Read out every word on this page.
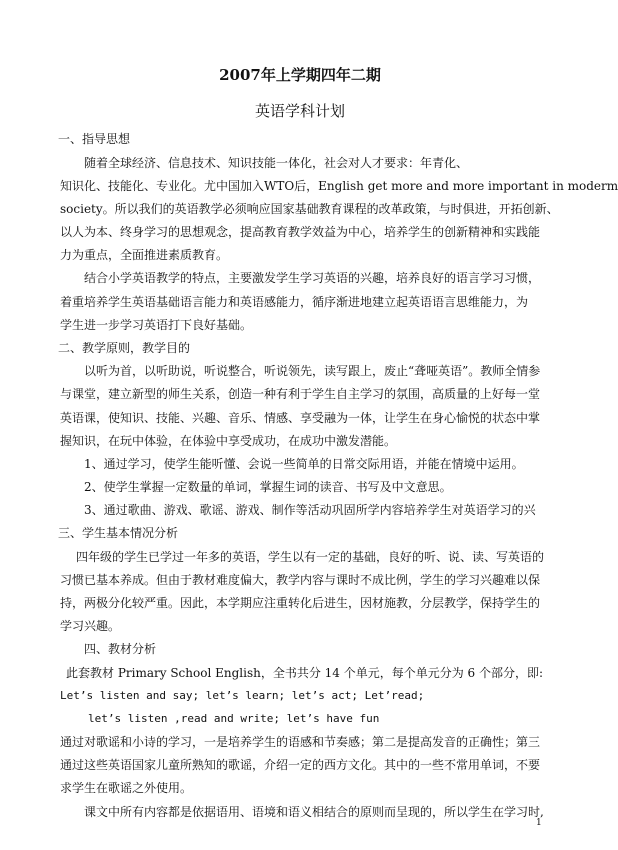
2007年上学期四年二期
英语学科计划
一、指导思想
随着全球经济、信息技术、知识技能一体化，社会对人才要求：年青化、
知识化、技能化、专业化。尤中国加入WTO后，English get more and more important in moderm
society。所以我们的英语教学必须响应国家基础教育课程的改革政策，与时俱进，开拓创新、
以人为本、终身学习的思想观念，提高教育教学效益为中心，培养学生的创新精神和实践能
力为重点，全面推进素质教育。
结合小学英语教学的特点，主要激发学生学习英语的兴趣，培养良好的语言学习习惯，
着重培养学生英语基础语言能力和英语感能力，循序渐进地建立起英语语言思维能力，为
学生进一步学习英语打下良好基础。
二、教学原则，教学目的
以听为首，以听助说，听说整合，听说领先，读写跟上，废止“聋哑英语”。教师全情参
与课堂，建立新型的师生关系，创造一种有利于学生自主学习的氛围，高质量的上好每一堂
英语课，使知识、技能、兴趣、音乐、情感、享受融为一体，让学生在身心愉悦的状态中掌
握知识，在玩中体验，在体验中享受成功，在成功中激发潜能。
1、通过学习，使学生能听懂、会说一些简单的日常交际用语，并能在情境中运用。
2、使学生掌握一定数量的单词，掌握生词的读音、书写及中文意思。
3、通过歌曲、游戏、歌谣、游戏、制作等活动巩固所学内容培养学生对英语学习的兴
三、学生基本情况分析
四年级的学生已学过一年多的英语，学生以有一定的基础，良好的听、说、读、写英语的
习惯已基本养成。但由于教材难度偏大，教学内容与课时不成比例，学生的学习兴趣难以保
持，两极分化较严重。因此，本学期应注重转化后进生，因材施教，分层教学，保持学生的
学习兴趣。
四、教材分析
此套教材 Primary School English，全书共分 14 个单元，每个单元分为 6 个部分，即:
Let’s listen and say; let’s learn; let’s act; Let’read;
let’s listen ,read and write; let’s have fun
通过对歌谣和小诗的学习，一是培养学生的语感和节奏感；第二是提高发音的正确性；第三
通过这些英语国家儿童所熟知的歌谣，介绍一定的西方文化。其中的一些不常用单词，不要
求学生在歌谣之外使用。
课文中所有内容都是依据语用、语境和语义相结合的原则而呈现的，所以学生在学习时,
1
